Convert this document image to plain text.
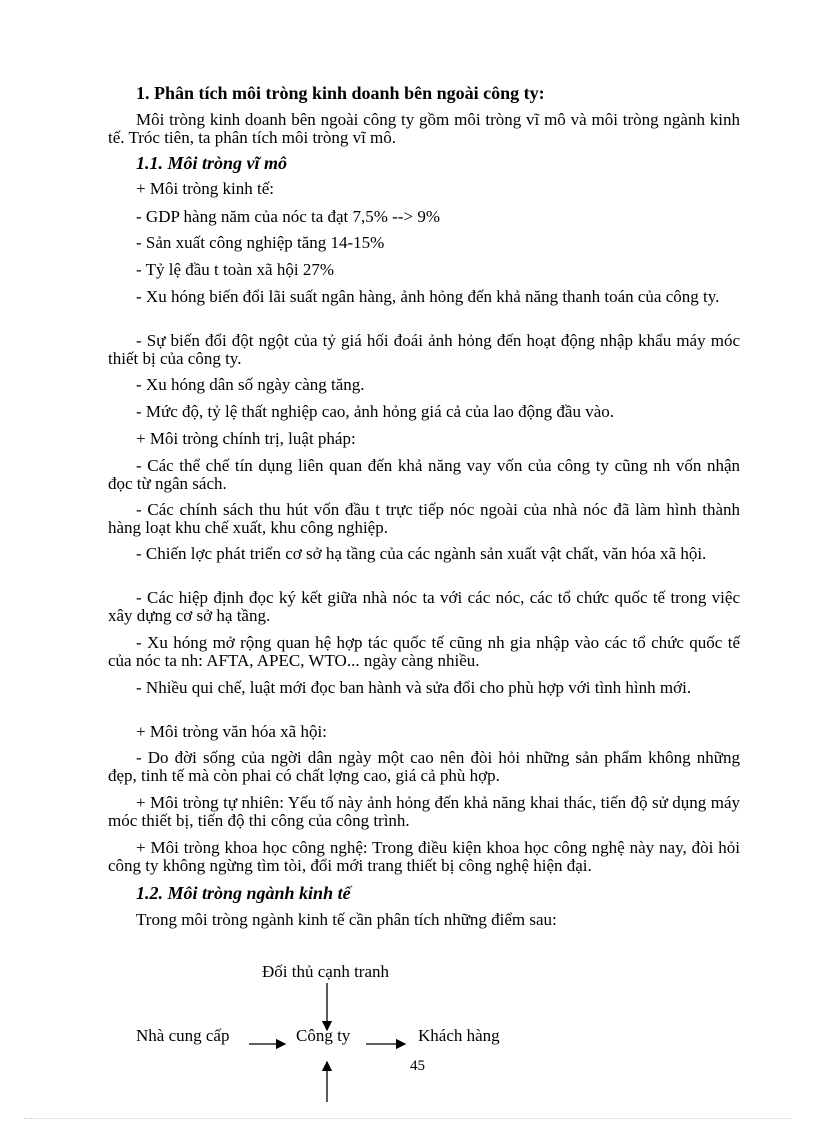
1. Phân tích môi tròng kinh doanh bên ngoài công ty:

Môi tròng kinh doanh bên ngoài công ty gồm môi tròng vĩ mô và môi tròng ngành kinh tế. Tróc tiên, ta phân tích môi tròng vĩ mô.

1.1. Môi tròng vĩ mô

+ Môi tròng kinh tế:

- GDP hàng năm của nóc ta đạt 7,5% --> 9%

- Sản xuất công nghiệp tăng 14-15%

- Tỷ lệ đầu t toàn xã hội 27%

- Xu hóng biến đổi lãi suất ngân hàng, ảnh hỏng đến khả năng thanh toán của công ty.

- Sự biến đổi đột ngột của tỷ giá hối đoái ảnh hỏng đến hoạt động nhập khẩu máy móc thiết bị của công ty.

- Xu hóng dân số ngày càng tăng.

- Mức độ, tỷ lệ thất nghiệp cao, ảnh hỏng giá cả của lao động đầu vào.

+ Môi tròng chính trị, luật pháp:

- Các thể chế tín dụng liên quan đến khả năng vay vốn của công ty cũng nh vốn nhận đọc từ ngân sách.

- Các chính sách thu hút vốn đầu t trực tiếp nóc ngoài của nhà nóc đã làm hình thành hàng loạt khu chế xuất, khu công nghiệp.

- Chiến lợc phát triển cơ sở hạ tầng của các ngành sản xuất vật chất, văn hóa xã hội.

- Các hiệp định đọc ký kết giữa nhà nóc ta với các nóc, các tổ chức quốc tế trong việc xây dựng cơ sở hạ tầng.

- Xu hóng mở rộng quan hệ hợp tác quốc tế cũng nh gia nhập vào các tổ chức quốc tế của nóc ta nh: AFTA, APEC, WTO... ngày càng nhiều.

- Nhiều qui chế, luật mới đọc ban hành và sửa đổi cho phù hợp với tình hình mới.

+ Môi tròng văn hóa xã hội:

- Do đời sống của ngời dân ngày một cao nên đòi hỏi những sản phẩm không những đẹp, tinh tế mà còn phai có chất lợng cao, giá cả phù hợp.

+ Môi tròng tự nhiên: Yếu tố này ảnh hỏng đến khả năng khai thác, tiến độ sử dụng máy móc thiết bị, tiến độ thi công của công trình.

+ Môi tròng khoa học công nghệ: Trong điều kiện khoa học công nghệ này nay, đòi hỏi công ty không ngừng tìm tòi, đổi mới trang thiết bị công nghệ hiện đại.

1.2. Môi tròng ngành kinh tế

Trong môi tròng ngành kinh tế cần phân tích những điểm sau:

Đối thủ cạnh tranh
Nhà cung cấp	Công ty	Khách hàng
45
